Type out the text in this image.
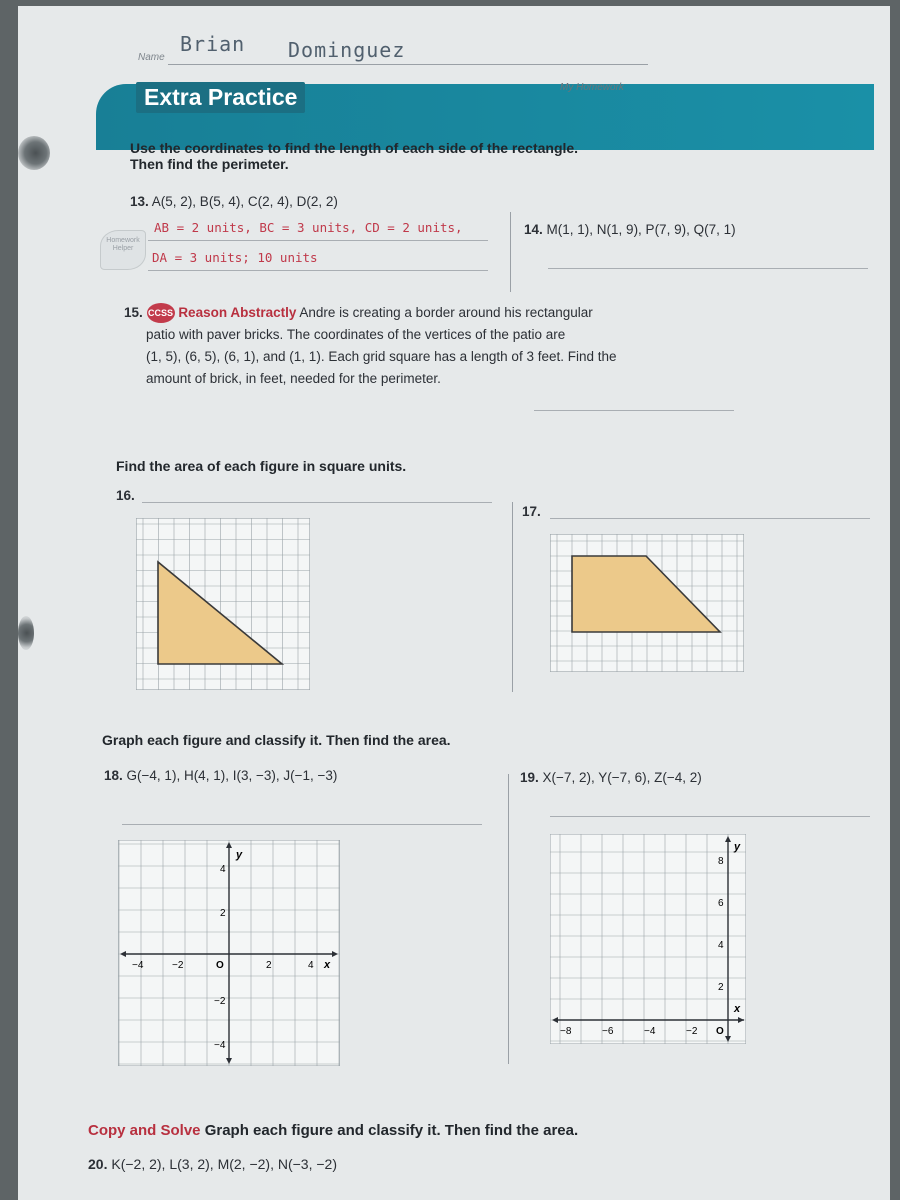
Name
Brian Dominguez
Extra Practice	My Homework
Use the coordinates to find the length of each side of the rectangle.
Then find the perimeter.
13. A(5, 2), B(5, 4), C(2, 4), D(2, 2)
AB = 2 units, BC = 3 units, CD = 2 units,
DA = 3 units; 10 units
Homework Helper
14. M(1, 1), N(1, 9), P(7, 9), Q(7, 1)
15. CCSS Reason Abstractly Andre is creating a border around his rectangular
patio with paver bricks. The coordinates of the vertices of the patio are
(1, 5), (6, 5), (6, 1), and (1, 1). Each grid square has a length of 3 feet. Find the
amount of brick, in feet, needed for the perimeter.
Find the area of each figure in square units.
16.
17.
Graph each figure and classify it. Then find the area.
18. G(−4, 1), H(4, 1), I(3, −3), J(−1, −3)	19. X(−7, 2), Y(−7, 6), Z(−4, 2)
y
x
−4	−2	O	2	4
4
2
−2
−4
y
x
−8	−6	−4	−2 O
8
6
4
2
Copy and Solve Graph each figure and classify it. Then find the area.
20. K(−2, 2), L(3, 2), M(2, −2), N(−3, −2)
